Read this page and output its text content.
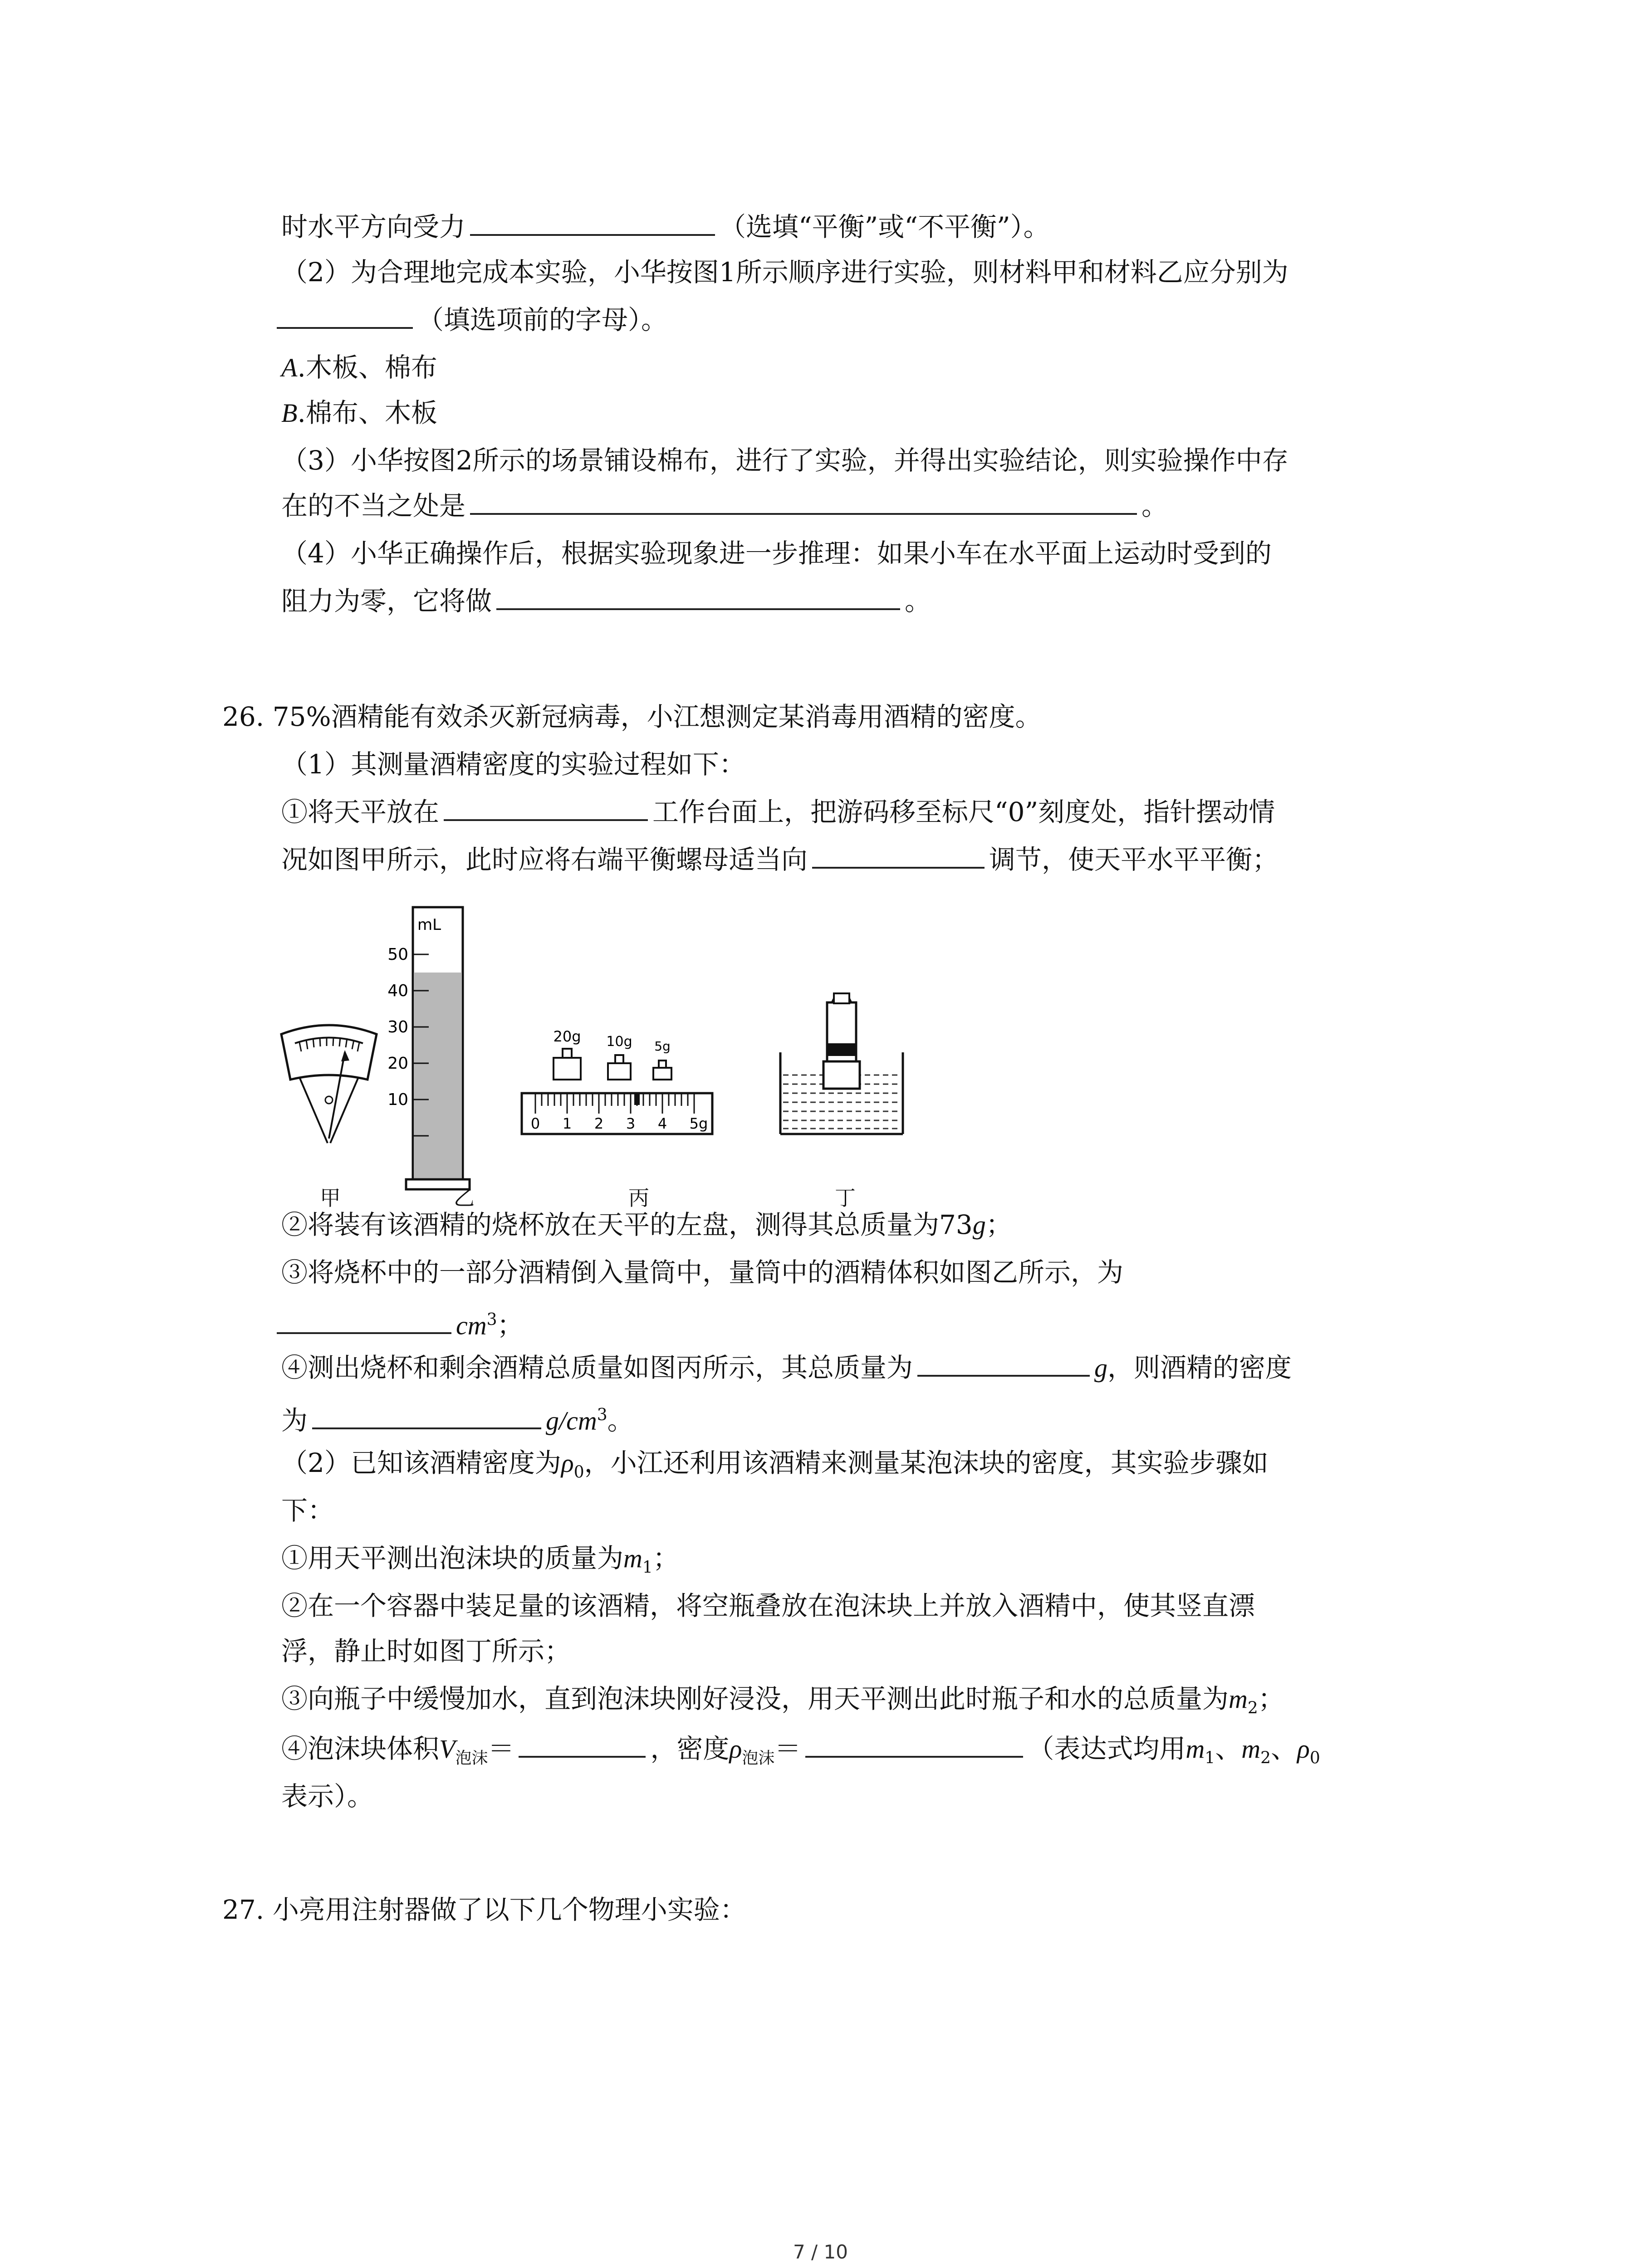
时水平方向受力	（选填“平衡”或“不平衡”）。
（2）为合理地完成本实验，小华按图1所示顺序进行实验，则材料甲和材料乙应分别为
（填选项前的字母）。
A.木板、棉布
B.棉布、木板
（3）小华按图2所示的场景铺设棉布，进行了实验，并得出实验结论，则实验操作中存
在的不当之处是	。
（4）小华正确操作后，根据实验现象进一步推理：如果小车在水平面上运动时受到的
阻力为零，它将做	。
26. 75%酒精能有效杀灭新冠病毒，小江想测定某消毒用酒精的密度。
（1）其测量酒精密度的实验过程如下：
①将天平放在	工作台面上，把游码移至标尺“0”刻度处，指针摆动情
况如图甲所示，此时应将右端平衡螺母适当向	调节，使天平水平平衡；
mL
50
40
30
20
10
20g 10g 5g
0 1 2 3 4 5g
甲	乙	丙	丁
②将装有该酒精的烧杯放在天平的左盘，测得其总质量为73g；
③将烧杯中的一部分酒精倒入量筒中，量筒中的酒精体积如图乙所示，为
$cm^3$；
④测出烧杯和剩余酒精总质量如图丙所示，其总质量为	g，则酒精的密度
为	$g/cm^3$。
（2）已知该酒精密度为$\rho_0$，小江还利用该酒精来测量某泡沫块的密度，其实验步骤如
下：
①用天平测出泡沫块的质量为$m_1$；
②在一个容器中装足量的该酒精，将空瓶叠放在泡沫块上并放入酒精中，使其竖直漂
浮，静止时如图丁所示；
③向瓶子中缓慢加水，直到泡沫块刚好浸没，用天平测出此时瓶子和水的总质量为$m_2$；
④泡沫块体积$V_{泡沫}=$	，密度$\rho_{泡沫}=$	（表达式均用$m_1$、$m_2$、$\rho_0$
表示）。
27. 小亮用注射器做了以下几个物理小实验：
7 / 10
